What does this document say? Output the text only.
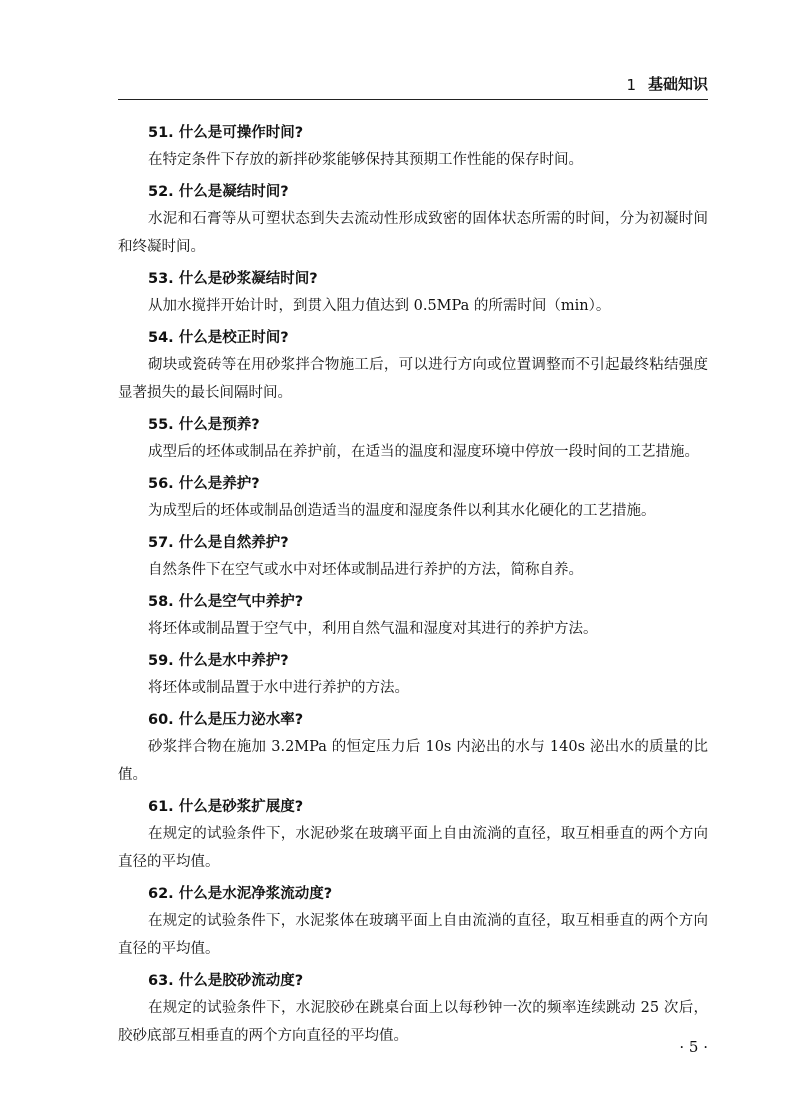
1 基础知识
51. 什么是可操作时间?
在特定条件下存放的新拌砂浆能够保持其预期工作性能的保存时间。
52. 什么是凝结时间?
水泥和石膏等从可塑状态到失去流动性形成致密的固体状态所需的时间，分为初凝时间和终凝时间。
53. 什么是砂浆凝结时间?
从加水搅拌开始计时，到贯入阻力值达到 0.5MPa 的所需时间（min）。
54. 什么是校正时间?
砌块或瓷砖等在用砂浆拌合物施工后，可以进行方向或位置调整而不引起最终粘结强度显著损失的最长间隔时间。
55. 什么是预养?
成型后的坯体或制品在养护前，在适当的温度和湿度环境中停放一段时间的工艺措施。
56. 什么是养护?
为成型后的坯体或制品创造适当的温度和湿度条件以利其水化硬化的工艺措施。
57. 什么是自然养护?
自然条件下在空气或水中对坯体或制品进行养护的方法，简称自养。
58. 什么是空气中养护?
将坯体或制品置于空气中，利用自然气温和湿度对其进行的养护方法。
59. 什么是水中养护?
将坯体或制品置于水中进行养护的方法。
60. 什么是压力泌水率?
砂浆拌合物在施加 3.2MPa 的恒定压力后 10s 内泌出的水与 140s 泌出水的质量的比值。
61. 什么是砂浆扩展度?
在规定的试验条件下，水泥砂浆在玻璃平面上自由流淌的直径，取互相垂直的两个方向直径的平均值。
62. 什么是水泥净浆流动度?
在规定的试验条件下，水泥浆体在玻璃平面上自由流淌的直径，取互相垂直的两个方向直径的平均值。
63. 什么是胶砂流动度?
在规定的试验条件下，水泥胶砂在跳桌台面上以每秒钟一次的频率连续跳动 25 次后，胶砂底部互相垂直的两个方向直径的平均值。
· 5 ·
